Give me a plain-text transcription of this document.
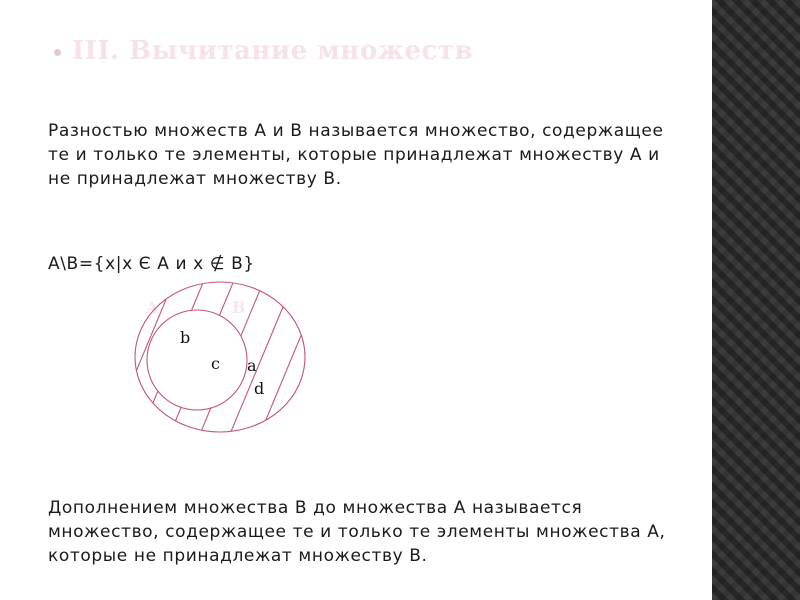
III. Вычитание множеств
Разностью множеств А и В называется множество, содержащее те и только те элементы, которые принадлежат множеству А и не принадлежат множеству В.
А\В={x|x Є А и x ∉ В}
A	B
b
c a
d
Дополнением множества В до множества А называется множество, содержащее те и только те элементы множества А, которые не принадлежат множеству В.
